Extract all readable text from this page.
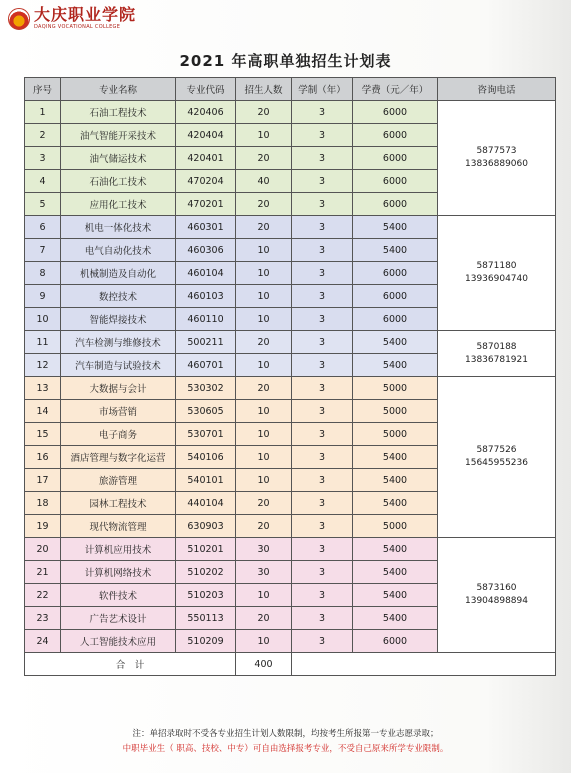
大庆职业学院
DAQING VOCATIONAL COLLEGE
2021 年高职单独招生计划表
序号	专业名称	专业代码	招生人数	学制（年）	学费（元／年）	咨询电话
1	石油工程技术	420406	20	3	6000	5877573
13836889060

2	油气智能开采技术	420404	10	3	6000	
3	油气储运技术	420401	20	3	6000	
4	石油化工技术	470204	40	3	6000	
5	应用化工技术	470201	20	3	6000	
6	机电一体化技术	460301	20	3	5400	5871180
13936904740

7	电气自动化技术	460306	10	3	5400	
8	机械制造及自动化	460104	10	3	6000	
9	数控技术	460103	10	3	6000	
10	智能焊接技术	460110	10	3	6000	
11	汽车检测与维修技术	500211	20	3	5400	5870188
13836781921

12	汽车制造与试验技术	460701	10	3	5400	
13	大数据与会计	530302	20	3	5000	5877526
15645955236

14	市场营销	530605	10	3	5000	
15	电子商务	530701	10	3	5000	
16	酒店管理与数字化运营	540106	10	3	5400	
17	旅游管理	540101	10	3	5400	
18	园林工程技术	440104	20	3	5400	
19	现代物流管理	630903	20	3	5000	
20	计算机应用技术	510201	30	3	5400	5873160
13904898894

21	计算机网络技术	510202	30	3	5400	
22	软件技术	510203	10	3	5400	
23	广告艺术设计	550113	20	3	5400	
24	人工智能技术应用	510209	10	3	6000	
合　计			400			
注：单招录取时不受各专业招生计划人数限制，均按考生所报第一专业志愿录取；
中职毕业生（ 职高、技校、中专）可自由选择报考专业，不受自己原来所学专业限制。
